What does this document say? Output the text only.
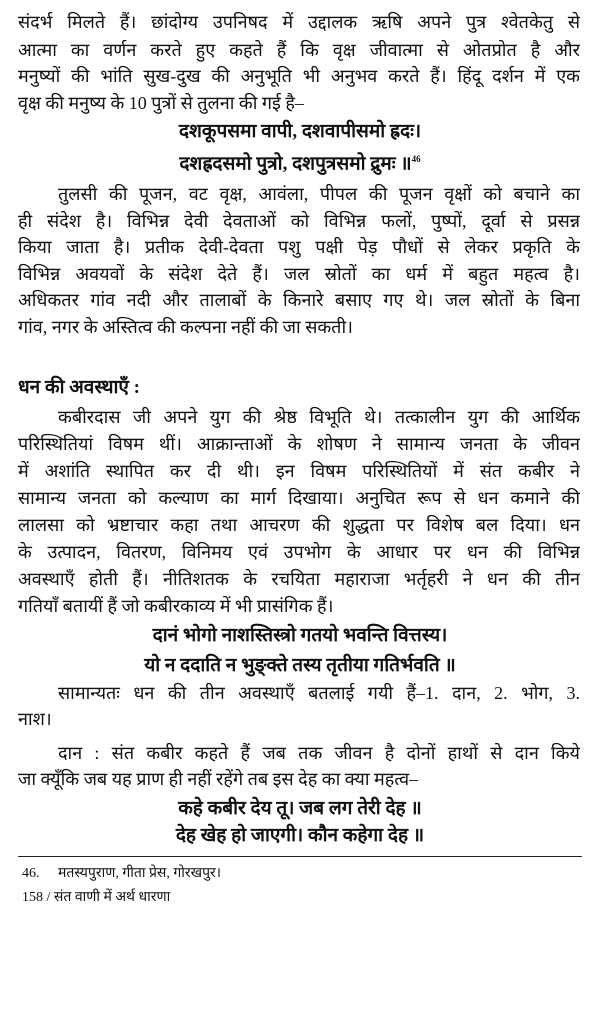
संदर्भ मिलते हैं। छांदोग्य उपनिषद में उद्दालक ऋषि अपने पुत्र श्वेतकेतु से
आत्मा का वर्णन करते हुए कहते हैं कि वृक्ष जीवात्मा से ओतप्रोत है और
मनुष्यों की भांति सुख-दुख की अनुभूति भी अनुभव करते हैं। हिंदू दर्शन में एक
वृक्ष की मनुष्य के 10 पुत्रों से तुलना की गई है–
दशकूपसमा वापी, दशवापीसमो ह्रदः।
दशह्रदसमो पुत्रो, दशपुत्रसमो द्रुमः ॥$^{46}$
तुलसी की पूजन, वट वृक्ष, आवंला, पीपल की पूजन वृक्षों को बचाने का
ही संदेश है। विभिन्न देवी देवताओं को विभिन्न फलों, पुष्पों, दूर्वा से प्रसन्न
किया जाता है। प्रतीक देवी-देवता पशु पक्षी पेड़ पौधों से लेकर प्रकृति के
विभिन्न अवयवों के संदेश देते हैं। जल स्रोतों का धर्म में बहुत महत्व है।
अधिकतर गांव नदी और तालाबों के किनारे बसाए गए थे। जल स्रोतों के बिना
गांव, नगर के अस्तित्व की कल्पना नहीं की जा सकती।
धन की अवस्थाएँ :
कबीरदास जी अपने युग की श्रेष्ठ विभूति थे। तत्कालीन युग की आर्थिक
परिस्थितियां विषम थीं। आक्रान्ताओं के शोषण ने सामान्य जनता के जीवन
में अशांति स्थापित कर दी थी। इन विषम परिस्थितियों में संत कबीर ने
सामान्य जनता को कल्याण का मार्ग दिखाया। अनुचित रूप से धन कमाने की
लालसा को भ्रष्टाचार कहा तथा आचरण की शुद्धता पर विशेष बल दिया। धन
के उत्पादन, वितरण, विनिमय एवं उपभोग के आधार पर धन की विभिन्न
अवस्थाएँ होती हैं। नीतिशतक के रचयिता महाराजा भर्तृहरी ने धन की तीन
गतियाँ बतायीं हैं जो कबीरकाव्य में भी प्रासंगिक हैं।
दानं भोगो नाशस्तिस्त्रो गतयो भवन्ति वित्तस्य।
यो न ददाति न भुङ्क्ते तस्य तृतीया गतिर्भवति ॥
सामान्यतः धन की तीन अवस्थाएँ बतलाई गयी हैं–1. दान, 2. भोग, 3.
नाश।
दान : संत कबीर कहते हैं जब तक जीवन है दोनों हाथों से दान किये
जा क्यूँकि जब यह प्राण ही नहीं रहेंगे तब इस देह का क्या महत्व–
कहे कबीर देय तू। जब लग तेरी देह ॥
देह खेह हो जाएगी। कौन कहेगा देह ॥
46. मतस्यपुराण, गीता प्रेस, गोरखपुर।
158 / संत वाणी में अर्थ धारणा
